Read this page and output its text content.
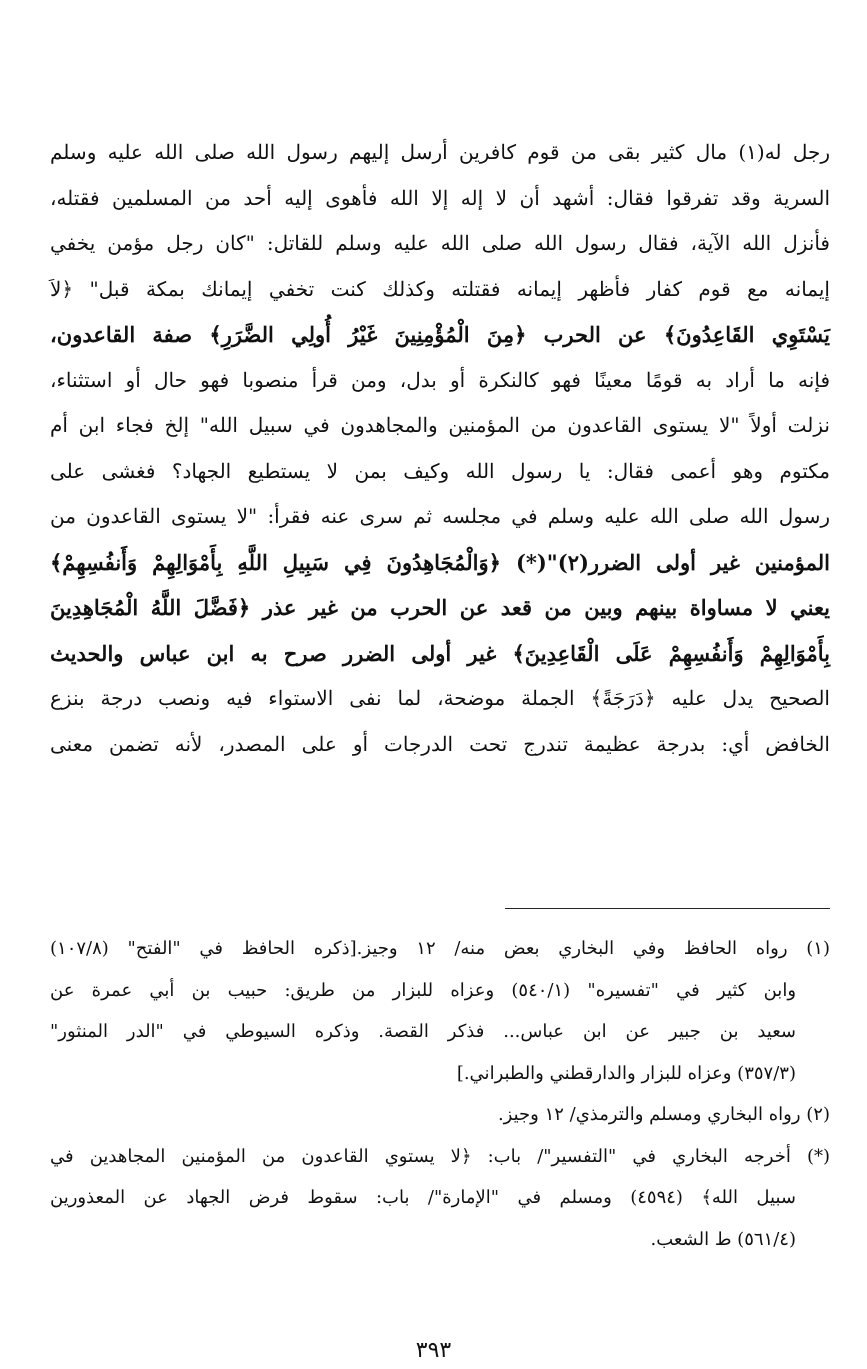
رجل له(١) مال كثير بقى من قوم كافرين أرسل إليهم رسول الله صلى الله عليه وسلم
السرية وقد تفرقوا فقال: أشهد أن لا إله إلا الله فأهوى إليه أحد من المسلمين فقتله،
فأنزل الله الآية، فقال رسول الله صلى الله عليه وسلم للقاتل: "كان رجل مؤمن يخفي
إيمانه مع قوم كفار فأظهر إيمانه فقتلته وكذلك كنت تخفي إيمانك بمكة قبل" ﴿لاَ
يَسْتَوِي القَاعِدُونَ﴾ عن الحرب ﴿مِنَ الْمُؤْمِنِينَ غَيْرُ أُولِي الضَّرَرِ﴾ صفة القاعدون،
فإنه ما أراد به قومًا معينًا فهو كالنكرة أو بدل، ومن قرأ منصوبا فهو حال أو استثناء،
نزلت أولاً "لا يستوى القاعدون من المؤمنين والمجاهدون في سبيل الله" إلخ فجاء ابن أم
مكتوم وهو أعمى فقال: يا رسول الله وكيف بمن لا يستطيع الجهاد؟ فغشى على
رسول الله صلى الله عليه وسلم في مجلسه ثم سرى عنه فقرأ: "لا يستوى القاعدون من
المؤمنين غير أولى الضرر(٢)"(*) ﴿وَالْمُجَاهِدُونَ فِي سَبِيلِ اللَّهِ بِأَمْوَالِهِمْ وَأَنفُسِهِمْ﴾
يعني لا مساواة بينهم وبين من قعد عن الحرب من غير عذر ﴿فَضَّلَ اللَّهُ الْمُجَاهِدِينَ
بِأَمْوَالِهِمْ وَأَنفُسِهِمْ عَلَى الْقَاعِدِينَ﴾ غير أولى الضرر صرح به ابن عباس والحديث
الصحيح يدل عليه ﴿دَرَجَةً﴾ الجملة موضحة، لما نفى الاستواء فيه ونصب درجة بنزع
الخافض أي: بدرجة عظيمة تندرج تحت الدرجات أو على المصدر، لأنه تضمن معنى
(١) رواه الحافظ وفي البخاري بعض منه/ ١٢ وجيز.[ذكره الحافظ في "الفتح" (١٠٧/٨)
وابن كثير في "تفسيره" (٥٤٠/١) وعزاه للبزار من طريق: حبيب بن أبي عمرة عن
سعيد بن جبير عن ابن عباس... فذكر القصة. وذكره السيوطي في "الدر المنثور"
(٣٥٧/٣) وعزاه للبزار والدارقطني والطبراني.]
(٢) رواه البخاري ومسلم والترمذي/ ١٢ وجيز.
(*) أخرجه البخاري في "التفسير"/ باب: ﴿لا يستوي القاعدون من المؤمنين المجاهدين في
سبيل الله﴾ (٤٥٩٤) ومسلم في "الإمارة"/ باب: سقوط فرض الجهاد عن المعذورين
(٥٦١/٤) ط الشعب.
٣٩٣
